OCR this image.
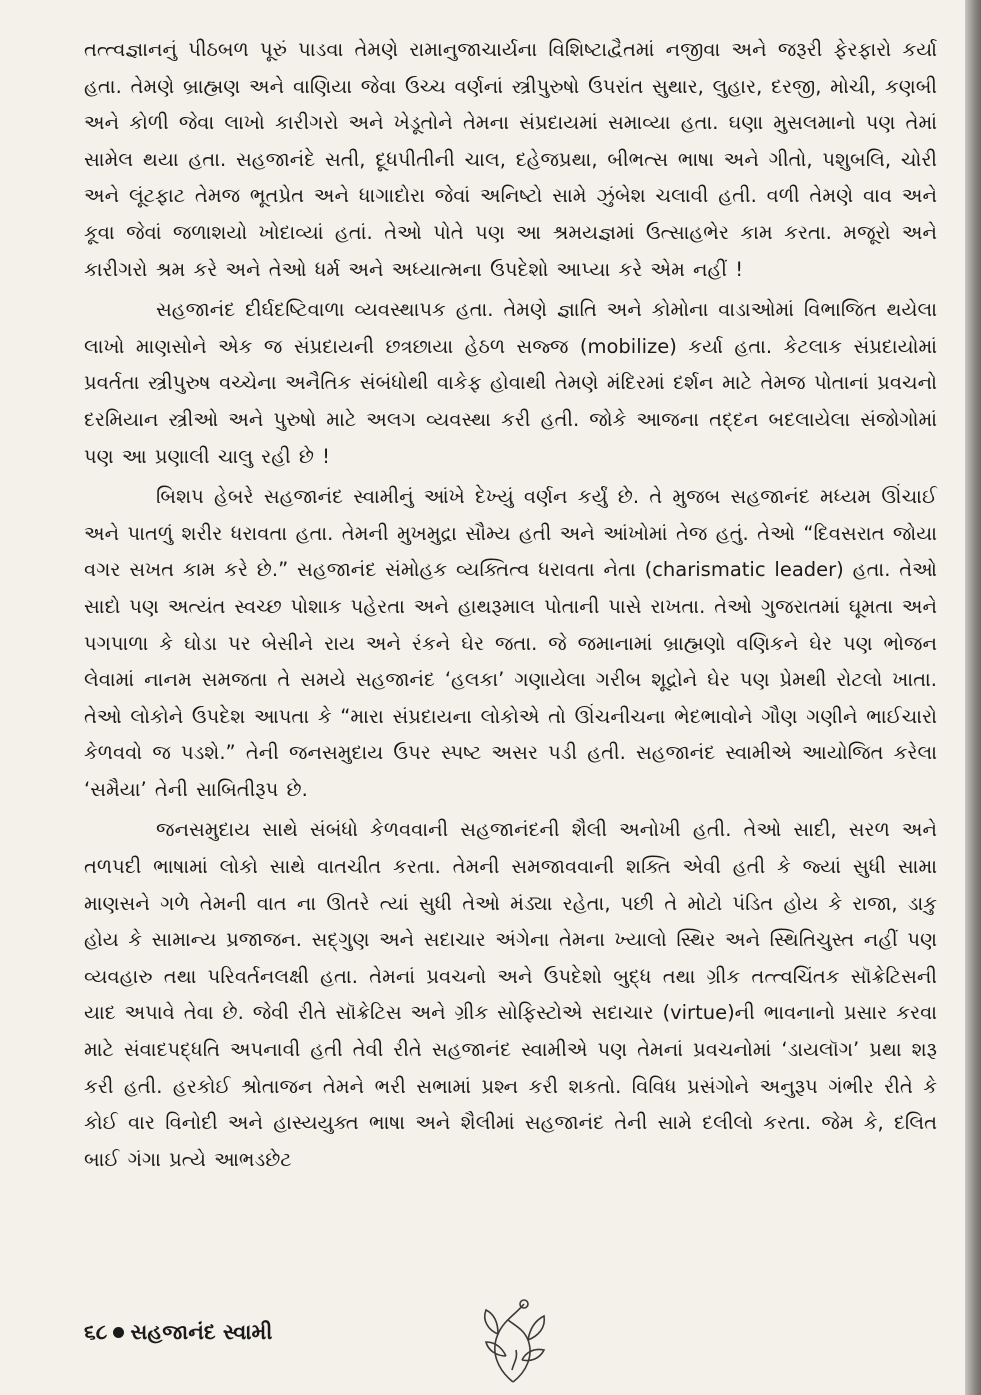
તત્ત્વજ્ઞાનનું પીઠબળ પૂરું પાડવા તેમણે રામાનુજાચાર્યના વિશિષ્ટાદ્વૈતમાં નજીવા અને જરૂરી ફેરફારો કર્યા હતા. તેમણે બ્રાહ્મણ અને વાણિયા જેવા ઉચ્ચ વર્ણનાં સ્ત્રીપુરુષો ઉપરાંત સુથાર, લુહાર, દરજી, મોચી, કણબી અને કોળી જેવા લાખો કારીગરો અને ખેડૂતોને તેમના સંપ્રદાયમાં સમાવ્યા હતા. ઘણા મુસલમાનો પણ તેમાં સામેલ થયા હતા. સહજાનંદે સતી, દૂધપીતીની ચાલ, દહેજપ્રથા, બીભત્સ ભાષા અને ગીતો, પશુબલિ, ચોરી અને લૂંટફાટ તેમજ ભૂતપ્રેત અને ધાગાદોરા જેવાં અનિષ્ટો સામે ઝુંબેશ ચલાવી હતી. વળી તેમણે વાવ અને કૂવા જેવાં જળાશયો ખોદાવ્યાં હતાં. તેઓ પોતે પણ આ શ્રમયજ્ઞમાં ઉત્સાહભેર કામ કરતા. મજૂરો અને કારીગરો શ્રમ કરે અને તેઓ ધર્મ અને અધ્યાત્મના ઉપદેશો આપ્યા કરે એમ નહીં !

સહજાનંદ દીર્ઘદષ્ટિવાળા વ્યવસ્થાપક હતા. તેમણે જ્ઞાતિ અને કોમોના વાડાઓમાં વિભાજિત થયેલા લાખો માણસોને એક જ સંપ્રદાયની છત્રછાયા હેઠળ સજ્જ (mobilize) કર્યા હતા. કેટલાક સંપ્રદાયોમાં પ્રવર્તતા સ્ત્રીપુરુષ વચ્ચેના અનૈતિક સંબંધોથી વાકેફ હોવાથી તેમણે મંદિરમાં દર્શન માટે તેમજ પોતાનાં પ્રવચનો દરમિયાન સ્ત્રીઓ અને પુરુષો માટે અલગ વ્યવસ્થા કરી હતી. જોકે આજના તદ્દન બદલાયેલા સંજોગોમાં પણ આ પ્રણાલી ચાલુ રહી છે !

બિશપ હેબરે સહજાનંદ સ્વામીનું આંખે દેખ્યું વર્ણન કર્યું છે. તે મુજબ સહજાનંદ મધ્યમ ઊંચાઈ અને પાતળું શરીર ધરાવતા હતા. તેમની મુખમુદ્રા સૌમ્ય હતી અને આંખોમાં તેજ હતું. તેઓ “દિવસરાત જોયા વગર સખત કામ કરે છે.” સહજાનંદ સંમોહક વ્યક્તિત્વ ધરાવતા નેતા (charismatic leader) હતા. તેઓ સાદો પણ અત્યંત સ્વચ્છ પોશાક પહેરતા અને હાથરૂમાલ પોતાની પાસે રાખતા. તેઓ ગુજરાતમાં ઘૂમતા અને પગપાળા કે ઘોડા પર બેસીને રાય અને રંકને ઘેર જતા. જે જમાનામાં બ્રાહ્મણો વણિકને ઘેર પણ ભોજન લેવામાં નાનમ સમજતા તે સમયે સહજાનંદ ‘હલકા’ ગણાયેલા ગરીબ શૂદ્રોને ઘેર પણ પ્રેમથી રોટલો ખાતા. તેઓ લોકોને ઉપદેશ આપતા કે “મારા સંપ્રદાયના લોકોએ તો ઊંચનીચના ભેદભાવોને ગૌણ ગણીને ભાઈચારો કેળવવો જ પડશે.” તેની જનસમુદાય ઉપર સ્પષ્ટ અસર પડી હતી. સહજાનંદ સ્વામીએ આયોજિત કરેલા ‘સમૈયા’ તેની સાબિતીરૂપ છે.

જનસમુદાય સાથે સંબંધો કેળવવાની સહજાનંદની શૈલી અનોખી હતી. તેઓ સાદી, સરળ અને તળપદી ભાષામાં લોકો સાથે વાતચીત કરતા. તેમની સમજાવવાની શક્તિ એવી હતી કે જ્યાં સુધી સામા માણસને ગળે તેમની વાત ના ઊતરે ત્યાં સુધી તેઓ મંડ્યા રહેતા, પછી તે મોટો પંડિત હોય કે રાજા, ડાકુ હોય કે સામાન્ય પ્રજાજન. સદ્ગુણ અને સદાચાર અંગેના તેમના ખ્યાલો સ્થિર અને સ્થિતિચુસ્ત નહીં પણ વ્યવહારુ તથા પરિવર્તનલક્ષી હતા. તેમનાં પ્રવચનો અને ઉપદેશો બુદ્ધ તથા ગ્રીક તત્ત્વચિંતક સૉક્રેટિસની યાદ અપાવે તેવા છે. જેવી રીતે સૉક્રેટિસ અને ગ્રીક સોફિસ્ટોએ સદાચાર (virtue)ની ભાવનાનો પ્રસાર કરવા માટે સંવાદપદ્ધતિ અપનાવી હતી તેવી રીતે સહજાનંદ સ્વામીએ પણ તેમનાં પ્રવચનોમાં ‘ડાયલૉગ’ પ્રથા શરૂ કરી હતી. હરકોઈ શ્રોતાજન તેમને ભરી સભામાં પ્રશ્ન કરી શકતો. વિવિધ પ્રસંગોને અનુરૂપ ગંભીર રીતે કે કોઈ વાર વિનોદી અને હાસ્યયુક્ત ભાષા અને શૈલીમાં સહજાનંદ તેની સામે દલીલો કરતા. જેમ કે, દલિત બાઈ ગંગા પ્રત્યે આભડછેટ

૬૮ સહજાનંદ સ્વામી
